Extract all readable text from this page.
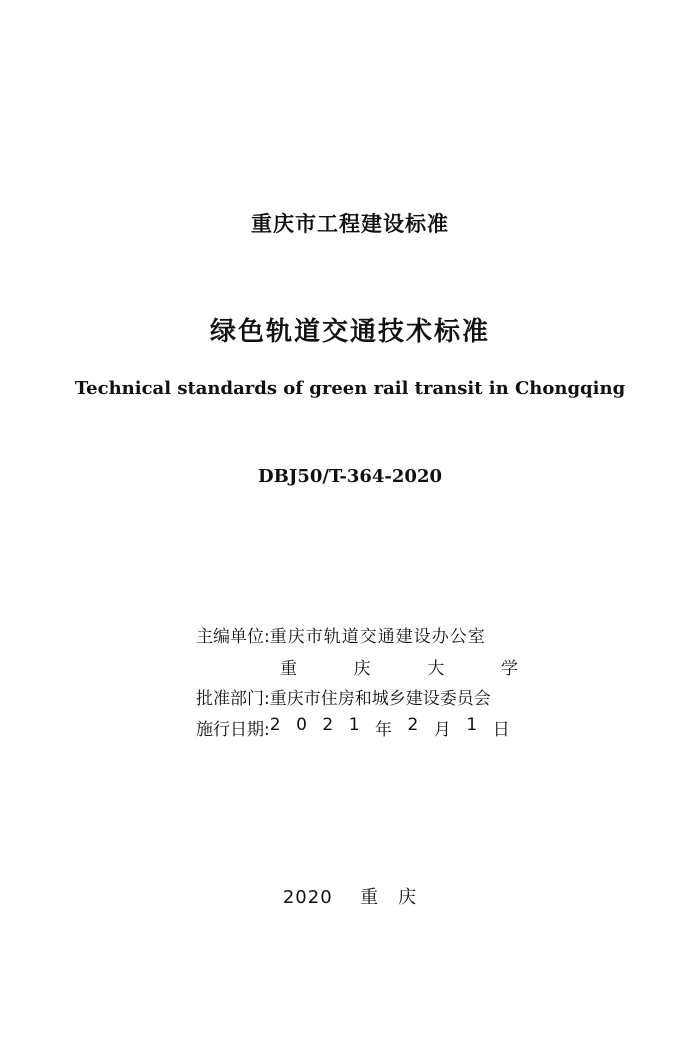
重庆市工程建设标准
绿色轨道交通技术标准
Technical standards of green rail transit in Chongqing
DBJ50/T-364-2020
主编单位: 重庆市轨道交通建设办公室
重	庆	大	学
批准部门: 重庆市住房和城乡建设委员会
施行日期: 2 0 2 1 年 2 月 1 日
2020 重　庆
